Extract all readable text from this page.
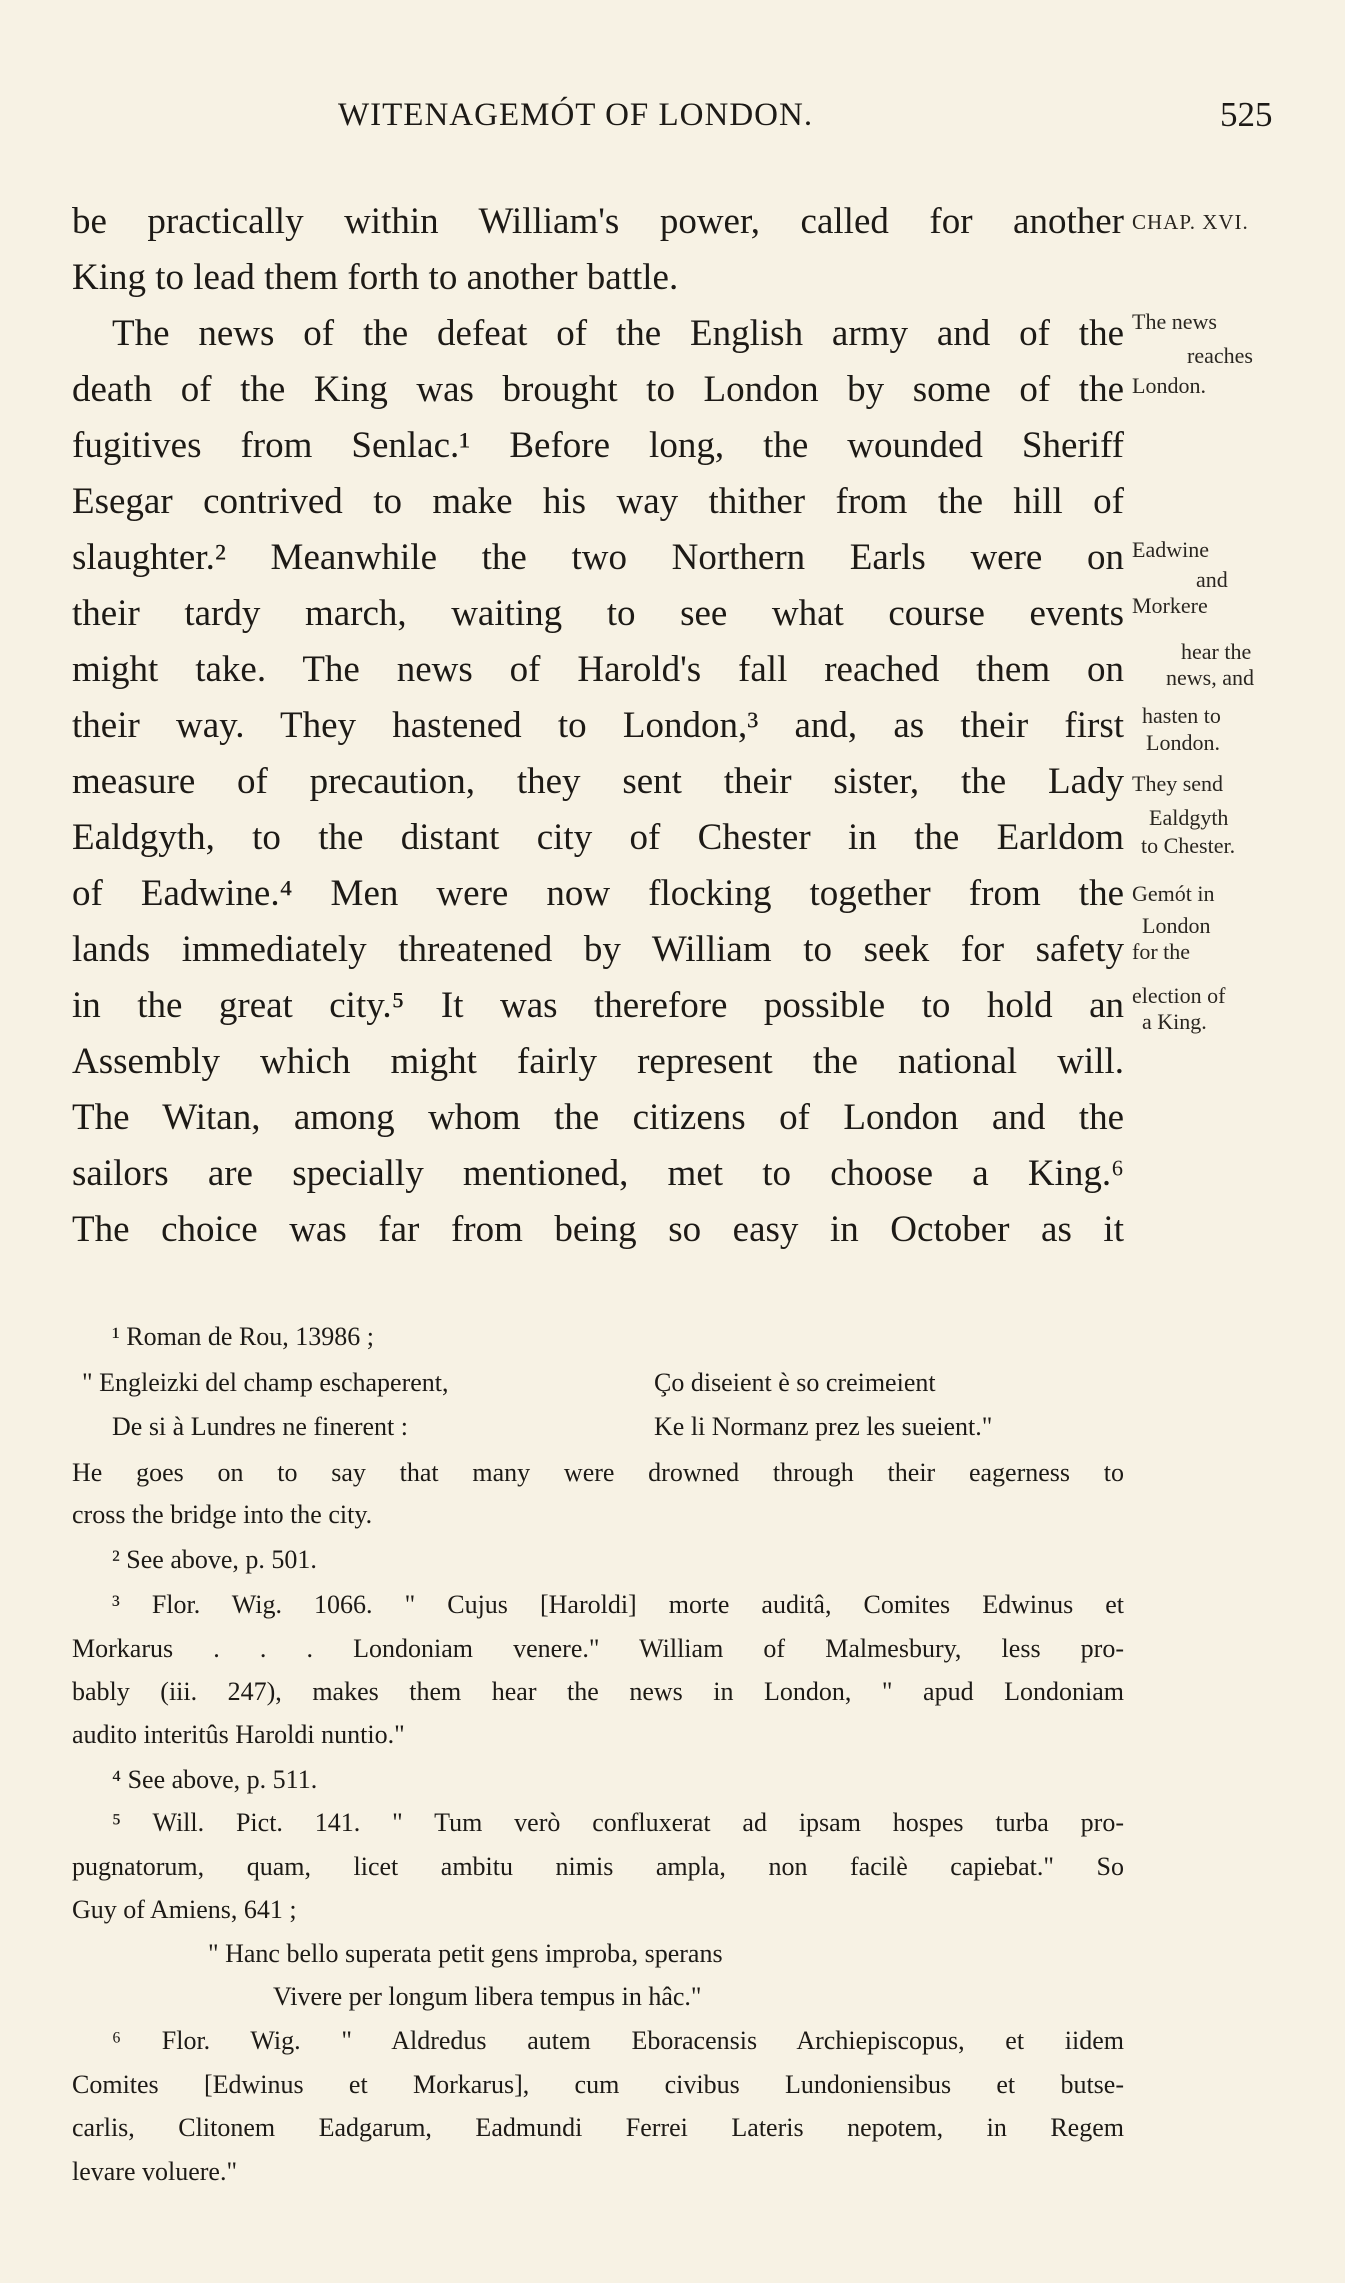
WITENAGEMÓT OF LONDON.	525
be practically within William's power, called for another
King to lead them forth to another battle.
The news of the defeat of the English army and of the
death of the King was brought to London by some of the
fugitives from Senlac.¹ Before long, the wounded Sheriff
Esegar contrived to make his way thither from the hill of
slaughter.² Meanwhile the two Northern Earls were on
their tardy march, waiting to see what course events
might take. The news of Harold's fall reached them on
their way. They hastened to London,³ and, as their first
measure of precaution, they sent their sister, the Lady
Ealdgyth, to the distant city of Chester in the Earldom
of Eadwine.⁴ Men were now flocking together from the
lands immediately threatened by William to seek for safety
in the great city.⁵ It was therefore possible to hold an
Assembly which might fairly represent the national will.
The Witan, among whom the citizens of London and the
sailors are specially mentioned, met to choose a King.⁶
The choice was far from being so easy in October as it
CHAP. XVI.
The news
reaches
London.
Eadwine
and
Morkere
hear the
news, and
hasten to
London.
They send
Ealdgyth
to Chester.
Gemót in
London
for the
election of
a King.
¹ Roman de Rou, 13986 ;
" Engleizki del champ eschaperent,	Ço diseient è so creimeient
De si à Lundres ne finerent :	Ke li Normanz prez les sueient."
He goes on to say that many were drowned through their eagerness to
cross the bridge into the city.
² See above, p. 501.
³ Flor. Wig. 1066. " Cujus [Haroldi] morte auditâ, Comites Edwinus et
Morkarus . . . Londoniam venere." William of Malmesbury, less pro-
bably (iii. 247), makes them hear the news in London, " apud Londoniam
audito interitûs Haroldi nuntio."
⁴ See above, p. 511.
⁵ Will. Pict. 141. " Tum verò confluxerat ad ipsam hospes turba pro-
pugnatorum, quam, licet ambitu nimis ampla, non facilè capiebat." So
Guy of Amiens, 641 ;
" Hanc bello superata petit gens improba, sperans
Vivere per longum libera tempus in hâc."
⁶ Flor. Wig. " Aldredus autem Eboracensis Archiepiscopus, et iidem
Comites [Edwinus et Morkarus], cum civibus Lundoniensibus et butse-
carlis, Clitonem Eadgarum, Eadmundi Ferrei Lateris nepotem, in Regem
levare voluere."
